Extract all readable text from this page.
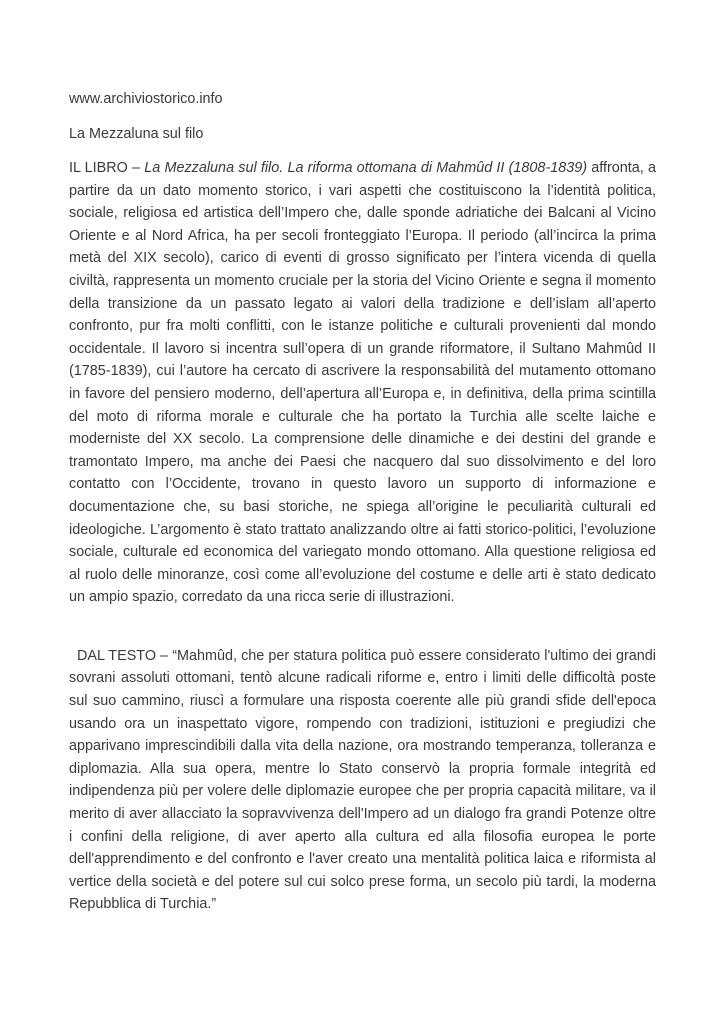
www.archiviostorico.info

La Mezzaluna sul filo

IL LIBRO – La Mezzaluna sul filo. La riforma ottomana di Mahmûd II (1808-1839) affronta, a partire da un dato momento storico, i vari aspetti che costituiscono la l’identità politica, sociale, religiosa ed artistica dell’Impero che, dalle sponde adriatiche dei Balcani al Vicino Oriente e al Nord Africa, ha per secoli fronteggiato l’Europa. Il periodo (all’incirca la prima metà del XIX secolo), carico di eventi di grosso significato per l’intera vicenda di quella civiltà, rappresenta un momento cruciale per la storia del Vicino Oriente e segna il momento della transizione da un passato legato ai valori della tradizione e dell’islam all’aperto confronto, pur fra molti conflitti, con le istanze politiche e culturali provenienti dal mondo occidentale. Il lavoro si incentra sull’opera di un grande riformatore, il Sultano Mahmûd II (1785-1839), cui l’autore ha cercato di ascrivere la responsabilità del mutamento ottomano in favore del pensiero moderno, dell’apertura all’Europa e, in definitiva, della prima scintilla del moto di riforma morale e culturale che ha portato la Turchia alle scelte laiche e moderniste del XX secolo. La comprensione delle dinamiche e dei destini del grande e tramontato Impero, ma anche dei Paesi che nacquero dal suo dissolvimento e del loro contatto con l’Occidente, trovano in questo lavoro un supporto di informazione e documentazione che, su basi storiche, ne spiega all’origine le peculiarità culturali ed ideologiche. L’argomento è stato trattato analizzando oltre ai fatti storico-politici, l’evoluzione sociale, culturale ed economica del variegato mondo ottomano. Alla questione religiosa ed al ruolo delle minoranze, così come all’evoluzione del costume e delle arti è stato dedicato un ampio spazio, corredato da una ricca serie di illustrazioni.

DAL TESTO – “Mahmûd, che per statura politica può essere considerato l'ultimo dei grandi sovrani assoluti ottomani, tentò alcune radicali riforme e, entro i limiti delle difficoltà poste sul suo cammino, riuscì a formulare una risposta coerente alle più grandi sfide dell'epoca usando ora un inaspettato vigore, rompendo con tradizioni, istituzioni e pregiudizi che apparivano imprescindibili dalla vita della nazione, ora mostrando temperanza, tolleranza e diplomazia. Alla sua opera, mentre lo Stato conservò la propria formale integrità ed indipendenza più per volere delle diplomazie europee che per propria capacità militare, va il merito di aver allacciato la sopravvivenza dell'Impero ad un dialogo fra grandi Potenze oltre i confini della religione, di aver aperto alla cultura ed alla filosofia europea le porte dell'apprendimento e del confronto e l'aver creato una mentalità politica laica e riformista al vertice della società e del potere sul cui solco prese forma, un secolo più tardi, la moderna Repubblica di Turchia.”
